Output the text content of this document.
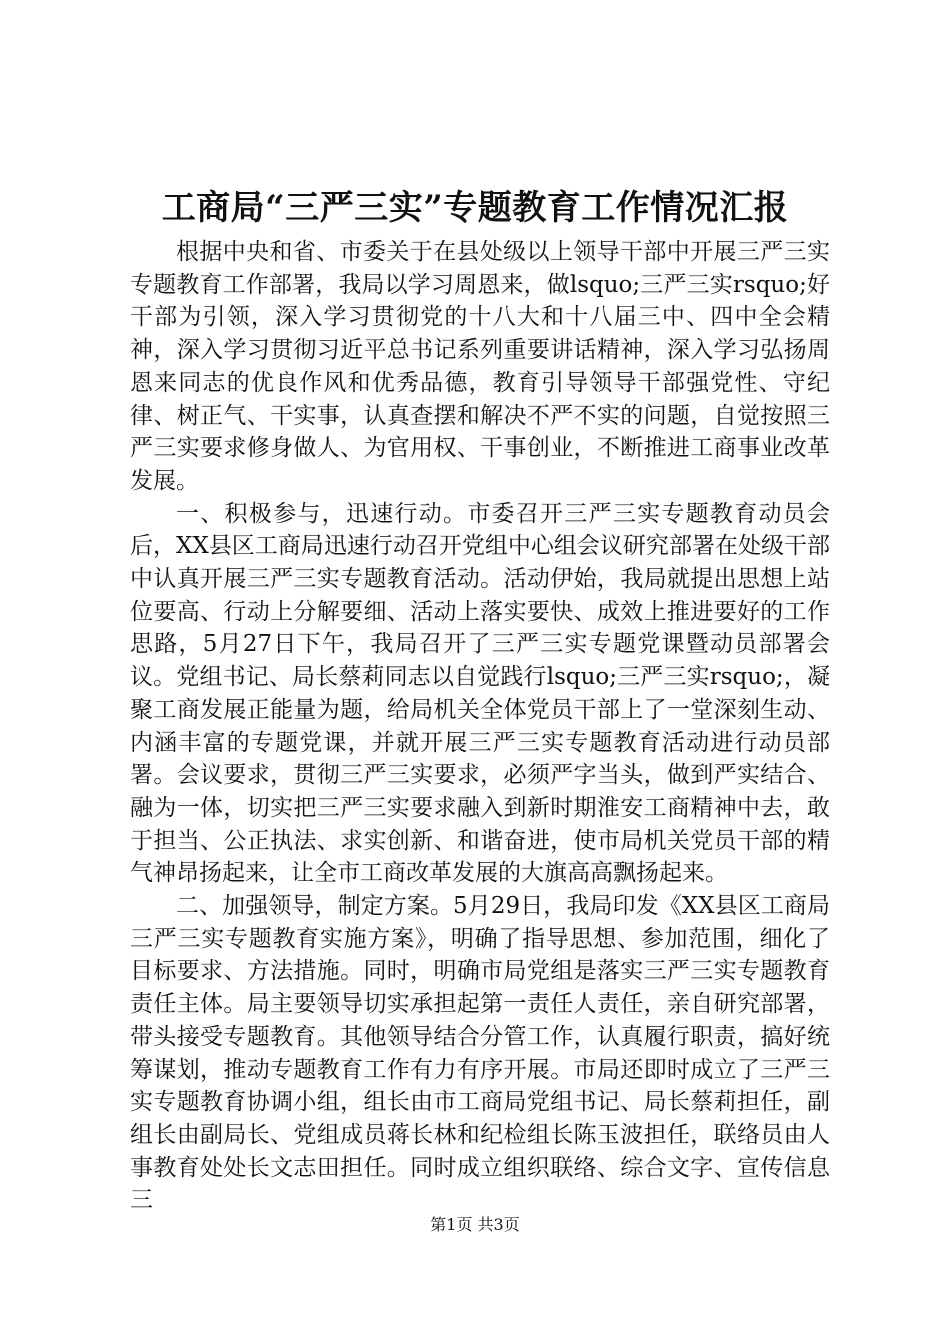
工商局“三严三实”专题教育工作情况汇报

根据中央和省、市委关于在县处级以上领导干部中开展三严三实专题教育工作部署，我局以学习周恩来，做lsquo;三严三实rsquo;好干部为引领，深入学习贯彻党的十八大和十八届三中、四中全会精神，深入学习贯彻习近平总书记系列重要讲话精神，深入学习弘扬周恩来同志的优良作风和优秀品德，教育引导领导干部强党性、守纪律、树正气、干实事，认真查摆和解决不严不实的问题，自觉按照三严三实要求修身做人、为官用权、干事创业，不断推进工商事业改革发展。

一、积极参与，迅速行动。市委召开三严三实专题教育动员会后，XX县区工商局迅速行动召开党组中心组会议研究部署在处级干部中认真开展三严三实专题教育活动。活动伊始，我局就提出思想上站位要高、行动上分解要细、活动上落实要快、成效上推进要好的工作思路，5月27日下午，我局召开了三严三实专题党课暨动员部署会议。党组书记、局长蔡莉同志以自觉践行lsquo;三严三实rsquo;，凝聚工商发展正能量为题，给局机关全体党员干部上了一堂深刻生动、内涵丰富的专题党课，并就开展三严三实专题教育活动进行动员部署。会议要求，贯彻三严三实要求，必须严字当头，做到严实结合、融为一体，切实把三严三实要求融入到新时期淮安工商精神中去，敢于担当、公正执法、求实创新、和谐奋进，使市局机关党员干部的精气神昂扬起来，让全市工商改革发展的大旗高高飘扬起来。

二、加强领导，制定方案。5月29日，我局印发《XX县区工商局三严三实专题教育实施方案》，明确了指导思想、参加范围，细化了目标要求、方法措施。同时，明确市局党组是落实三严三实专题教育责任主体。局主要领导切实承担起第一责任人责任，亲自研究部署，带头接受专题教育。其他领导结合分管工作，认真履行职责，搞好统筹谋划，推动专题教育工作有力有序开展。市局还即时成立了三严三实专题教育协调小组，组长由市工商局党组书记、局长蔡莉担任，副组长由副局长、党组成员蒋长林和纪检组长陈玉波担任，联络员由人事教育处处长文志田担任。同时成立组织联络、综合文字、宣传信息三

第1页 共3页
